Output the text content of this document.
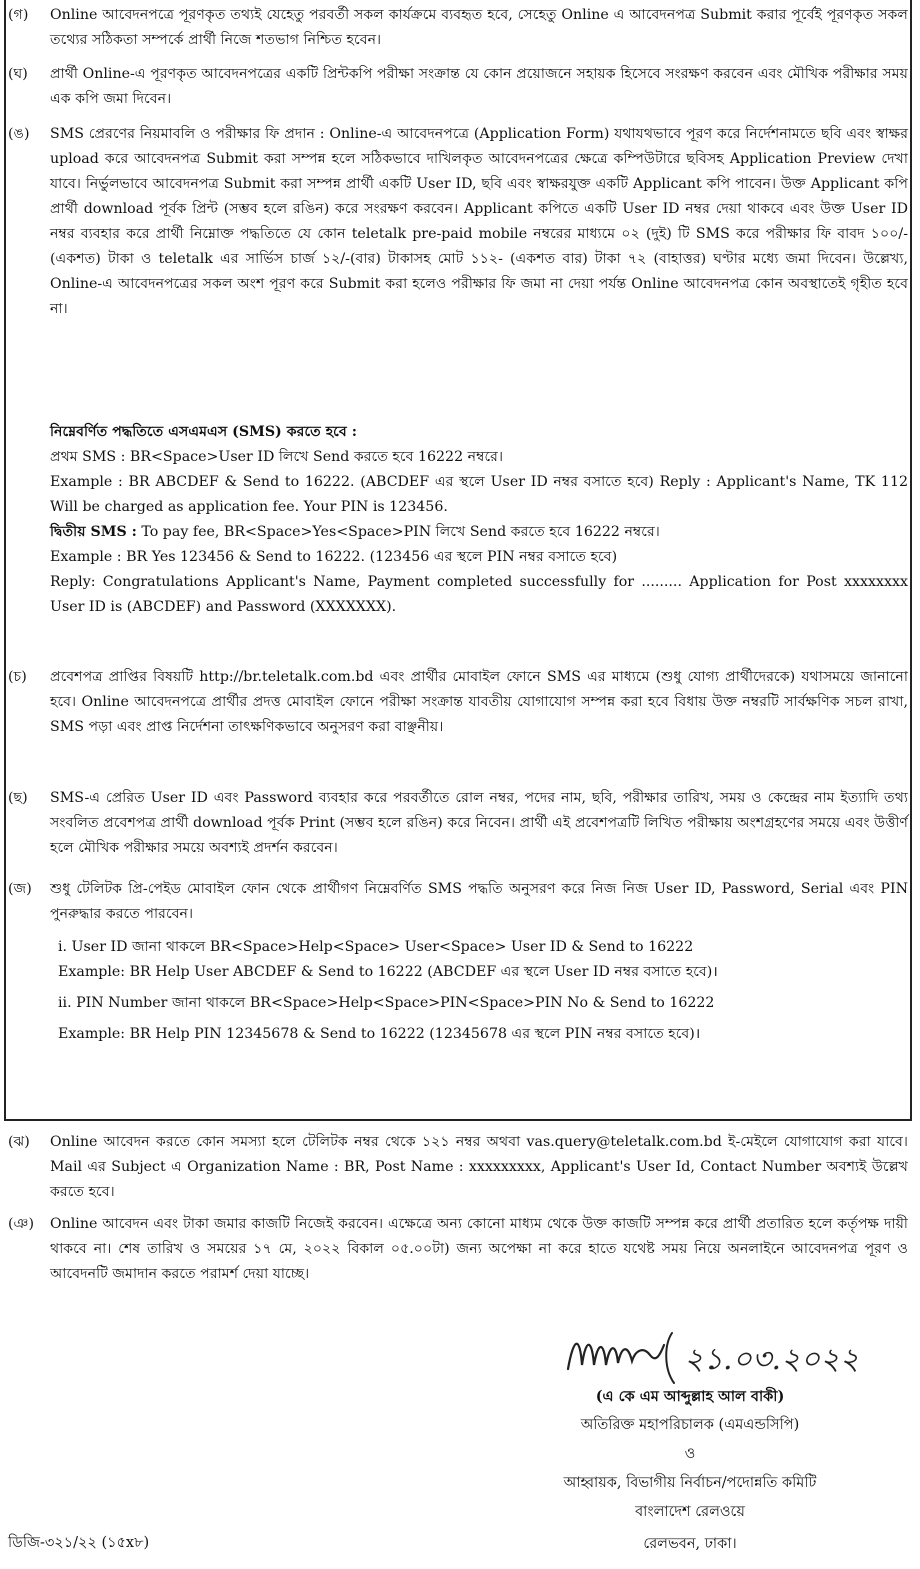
(গ) Online আবেদনপত্রে পূরণকৃত তথ্যই যেহেতু পরবর্তী সকল কার্যক্রমে ব্যবহৃত হবে, সেহেতু Online এ আবেদনপত্র Submit করার পূর্বেই পূরণকৃত সকল তথ্যের সঠিকতা সম্পর্কে প্রার্থী নিজে শতভাগ নিশ্চিত হবেন।

(ঘ) প্রার্থী Online-এ পূরণকৃত আবেদনপত্রের একটি প্রিন্টকপি পরীক্ষা সংক্রান্ত যে কোন প্রয়োজনে সহায়ক হিসেবে সংরক্ষণ করবেন এবং মৌখিক পরীক্ষার সময় এক কপি জমা দিবেন।

(ঙ) SMS প্রেরণের নিয়মাবলি ও পরীক্ষার ফি প্রদান : Online-এ আবেদনপত্রে (Application Form) যথাযথভাবে পূরণ করে নির্দেশনামতে ছবি এবং স্বাক্ষর upload করে আবেদনপত্র Submit করা সম্পন্ন হলে সঠিকভাবে দাখিলকৃত আবেদনপত্রের ক্ষেত্রে কম্পিউটারে ছবিসহ Application Preview দেখা যাবে। নির্ভুলভাবে আবেদনপত্র Submit করা সম্পন্ন প্রার্থী একটি User ID, ছবি এবং স্বাক্ষরযুক্ত একটি Applicant কপি পাবেন। উক্ত Applicant কপি প্রার্থী download পূর্বক প্রিন্ট (সম্ভব হলে রঙিন) করে সংরক্ষণ করবেন। Applicant কপিতে একটি User ID নম্বর দেয়া থাকবে এবং উক্ত User ID নম্বর ব্যবহার করে প্রার্থী নিম্নোক্ত পদ্ধতিতে যে কোন teletalk pre-paid mobile নম্বরের মাধ্যমে ০২ (দুই) টি SMS করে পরীক্ষার ফি বাবদ ১০০/-(একশত) টাকা ও teletalk এর সার্ভিস চার্জ ১২/-(বার) টাকাসহ মোট ১১২- (একশত বার) টাকা ৭২ (বাহাত্তর) ঘণ্টার মধ্যে জমা দিবেন। উল্লেখ্য, Online-এ আবেদনপত্রের সকল অংশ পূরণ করে Submit করা হলেও পরীক্ষার ফি জমা না দেয়া পর্যন্ত Online আবেদনপত্র কোন অবস্থাতেই গৃহীত হবে না।

নিম্নেবর্ণিত পদ্ধতিতে এসএমএস (SMS) করতে হবে :
প্রথম SMS : BR<Space>User ID লিখে Send করতে হবে 16222 নম্বরে।
Example : BR ABCDEF & Send to 16222. (ABCDEF এর স্থলে User ID নম্বর বসাতে হবে) Reply : Applicant's Name, TK 112 Will be charged as application fee. Your PIN is 123456.
দ্বিতীয় SMS : To pay fee, BR<Space>Yes<Space>PIN লিখে Send করতে হবে 16222 নম্বরে।
Example : BR Yes 123456 & Send to 16222. (123456 এর স্থলে PIN নম্বর বসাতে হবে)
Reply: Congratulations Applicant's Name, Payment completed successfully for ......... Application for Post xxxxxxxx User ID is (ABCDEF) and Password (XXXXXXX).
(চ) প্রবেশপত্র প্রাপ্তির বিষয়টি http://br.teletalk.com.bd এবং প্রার্থীর মোবাইল ফোনে SMS এর মাধ্যমে (শুধু যোগ্য প্রার্থীদেরকে) যথাসময়ে জানানো হবে। Online আবেদনপত্রে প্রার্থীর প্রদত্ত মোবাইল ফোনে পরীক্ষা সংক্রান্ত যাবতীয় যোগাযোগ সম্পন্ন করা হবে বিধায় উক্ত নম্বরটি সার্বক্ষণিক সচল রাখা, SMS পড়া এবং প্রাপ্ত নির্দেশনা তাৎক্ষণিকভাবে অনুসরণ করা বাঞ্ছনীয়।

(ছ) SMS-এ প্রেরিত User ID এবং Password ব্যবহার করে পরবর্তীতে রোল নম্বর, পদের নাম, ছবি, পরীক্ষার তারিখ, সময় ও কেন্দ্রের নাম ইত্যাদি তথ্য সংবলিত প্রবেশপত্র প্রার্থী download পূর্বক Print (সম্ভব হলে রঙিন) করে নিবেন। প্রার্থী এই প্রবেশপত্রটি লিখিত পরীক্ষায় অংশগ্রহণের সময়ে এবং উত্তীর্ণ হলে মৌখিক পরীক্ষার সময়ে অবশ্যই প্রদর্শন করবেন।

(জ) শুধু টেলিটক প্রি-পেইড মোবাইল ফোন থেকে প্রার্থীগণ নিম্নেবর্ণিত SMS পদ্ধতি অনুসরণ করে নিজ নিজ User ID, Password, Serial এবং PIN পুনরুদ্ধার করতে পারবেন।

i. User ID জানা থাকলে BR<Space>Help<Space> User<Space> User ID & Send to 16222

Example: BR Help User ABCDEF & Send to 16222 (ABCDEF এর স্থলে User ID নম্বর বসাতে হবে)।

ii. PIN Number জানা থাকলে BR<Space>Help<Space>PIN<Space>PIN No & Send to 16222

Example: BR Help PIN 12345678 & Send to 16222 (12345678 এর স্থলে PIN নম্বর বসাতে হবে)।

(ঝ) Online আবেদন করতে কোন সমস্যা হলে টেলিটক নম্বর থেকে ১২১ নম্বর অথবা vas.query@teletalk.com.bd ই-মেইলে যোগাযোগ করা যাবে। Mail এর Subject এ Organization Name : BR, Post Name : xxxxxxxxx, Applicant's User Id, Contact Number অবশ্যই উল্লেখ করতে হবে।

(ঞ) Online আবেদন এবং টাকা জমার কাজটি নিজেই করবেন। এক্ষেত্রে অন্য কোনো মাধ্যম থেকে উক্ত কাজটি সম্পন্ন করে প্রার্থী প্রতারিত হলে কর্তৃপক্ষ দায়ী থাকবে না। শেষ তারিখ ও সময়ের ১৭ মে, ২০২২ বিকাল ০৫.০০টা) জন্য অপেক্ষা না করে হাতে যথেষ্ট সময় নিয়ে অনলাইনে আবেদনপত্র পূরণ ও আবেদনটি জমাদান করতে পরামর্শ দেয়া যাচ্ছে।

২১.০৩.২০২২
(এ কে এম আব্দুল্লাহ আল বাকী)
অতিরিক্ত মহাপরিচালক (এমএন্ডসিপি)
ও
আহ্বায়ক, বিভাগীয় নির্বাচন/পদোন্নতি কমিটি
বাংলাদেশ রেলওয়ে
রেলভবন, ঢাকা।
ডিজি-৩২১/২২ (১৫x৮)
